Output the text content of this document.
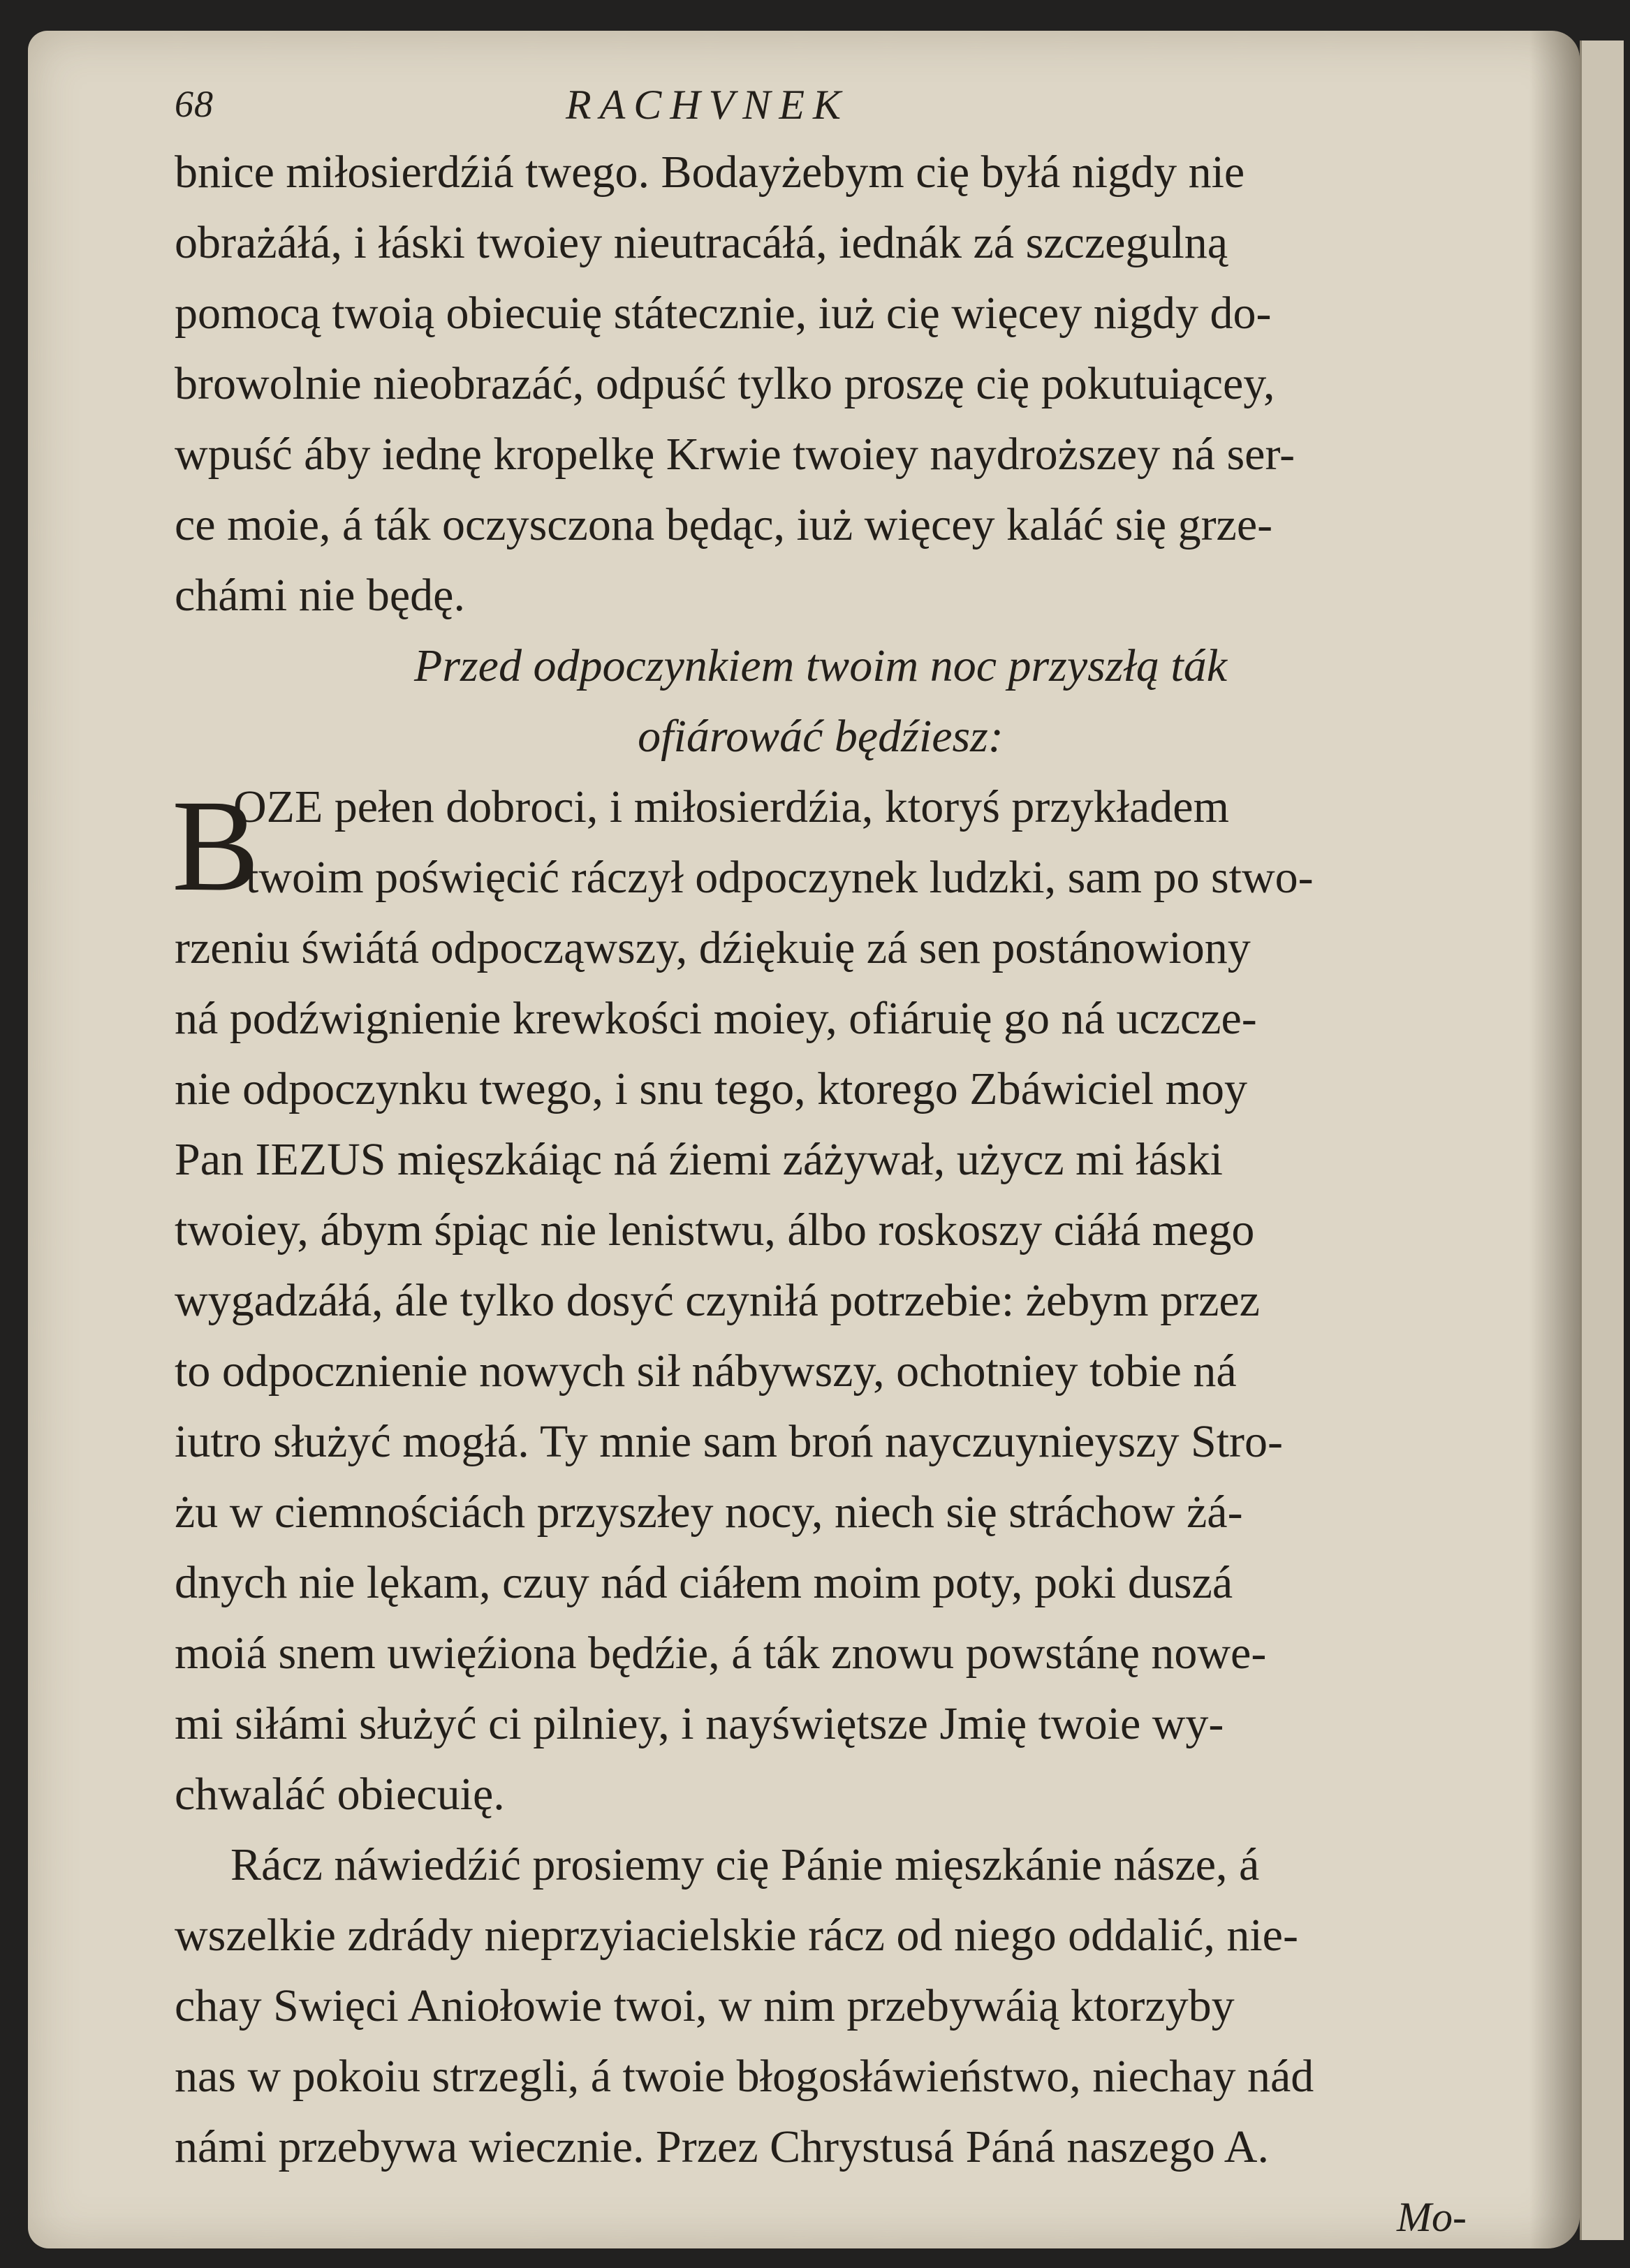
68	RACHVNEK
bnice miłosierdźiá twego. Bodayżebym cię byłá nigdy nie
obrażáłá, i łáski twoiey nieutracáłá, iednák zá szczegulną
pomocą twoią obiecuię státecznie, iuż cię więcey nigdy do-
browolnie nieobrazáć, odpuść tylko proszę cię pokutuiącey,
wpuść áby iednę kropelkę Krwie twoiey naydroższey ná ser-
ce moie, á ták oczysczona będąc, iuż więcey kaláć się grze-
chámi nie będę.
Przed odpoczynkiem twoim noc przyszłą ták
ofiárowáć będźiesz:
B
OZE pełen dobroci, i miłosierdźia, ktoryś przykładem
twoim poświęcić ráczył odpoczynek ludzki, sam po stwo-
rzeniu świátá odpocząwszy, dźiękuię zá sen postánowiony
ná podźwignienie krewkości moiey, ofiáruię go ná uczcze-
nie odpoczynku twego, i snu tego, ktorego Zbáwiciel moy
Pan IEZUS mięszkáiąc ná źiemi záżywał, użycz mi łáski
twoiey, ábym śpiąc nie lenistwu, álbo roskoszy ciáłá mego
wygadzáłá, ále tylko dosyć czyniłá potrzebie: żebym przez
to odpocznienie nowych sił nábywszy, ochotniey tobie ná
iutro służyć mogłá. Ty mnie sam broń nayczuynieyszy Stro-
żu w ciemnościách przyszłey nocy, niech się stráchow żá-
dnych nie lękam, czuy nád ciáłem moim poty, poki duszá
moiá snem uwięźiona będźie, á ták znowu powstánę nowe-
mi siłámi służyć ci pilniey, i nayświętsze Jmię twoie wy-
chwaláć obiecuię.
Rácz náwiedźić prosiemy cię Pánie mięszkánie násze, á
wszelkie zdrády nieprzyiacielskie rácz od niego oddalić, nie-
chay Swięci Aniołowie twoi, w nim przebywáią ktorzyby
nas w pokoiu strzegli, á twoie błogosłáwieństwo, niechay nád
námi przebywa wiecznie. Przez Chrystusá Páná naszego A.
Mo-
